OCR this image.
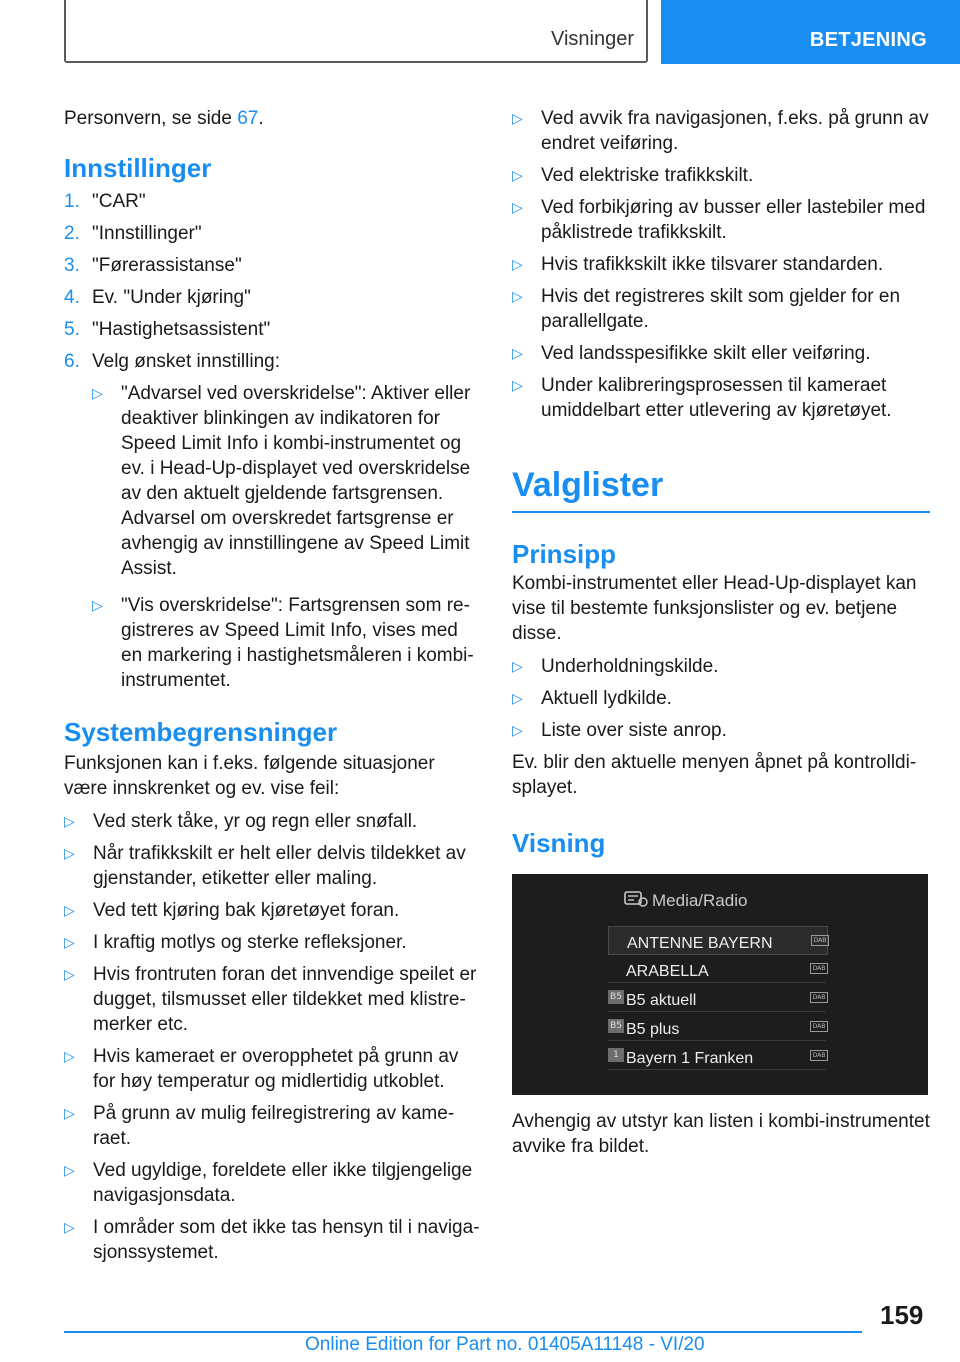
Visninger	BETJENING

Personvern, se side 67.

Innstillinger
1. "CAR"
2. "Innstillinger"
3. "Førerassistanse"
4. Ev. "Under kjøring"
5. "Hastighetsassistent"
6. Velg ønsket innstilling:
▷ "Advarsel ved overskridelse": Aktiver eller deaktiver blinkingen av indikatoren for Speed Limit Info i kombi-instrumentet og ev. i Head-Up-displayet ved overskridelse av den aktuelt gjeldende fartsgrensen. Advarsel om overskredet fartsgrense er avhengig av innstillingene av Speed Limit Assist.
▷ "Vis overskridelse": Fartsgrensen som registreres av Speed Limit Info, vises med en markering i hastighetsmåleren i kombiinstrumentet.
Systembegrensninger

Funksjonen kan i f.eks. følgende situasjoner være innskrenket og ev. vise feil:

▷ Ved sterk tåke, yr og regn eller snøfall.
▷ Når trafikkskilt er helt eller delvis tildekket av gjenstander, etiketter eller maling.
▷ Ved tett kjøring bak kjøretøyet foran.
▷ I kraftig motlys og sterke refleksjoner.
▷ Hvis frontruten foran det innvendige speilet er dugget, tilsmusset eller tildekket med klistremerker etc.
▷ Hvis kameraet er overopphetet på grunn av for høy temperatur og midlertidig utkoblet.
▷ På grunn av mulig feilregistrering av kameraet.
▷ Ved ugyldige, foreldete eller ikke tilgjengelige navigasjonsdata.
▷ I områder som det ikke tas hensyn til i navigasjonssystemet.
▷ Ved avvik fra navigasjonen, f.eks. på grunn av endret veiføring.
▷ Ved elektriske trafikkskilt.
▷ Ved forbikjøring av busser eller lastebiler med påklistrede trafikkskilt.
▷ Hvis trafikkskilt ikke tilsvarer standarden.
▷ Hvis det registreres skilt som gjelder for en parallellgate.
▷ Ved landsspesifikke skilt eller veiføring.
▷ Under kalibreringsprosessen til kameraet umiddelbart etter utlevering av kjøretøyet.
Valglister
Prinsipp

Kombi-instrumentet eller Head-Up-displayet kan vise til bestemte funksjonslister og ev. betjene disse.

▷ Underholdningskilde.
▷ Aktuell lydkilde.
▷ Liste over siste anrop.

Ev. blir den aktuelle menyen åpnet på kontrolldisplayet.

Visning
Media/Radio
ANTENNE BAYERN	DAB
ARABELLA	DAB
B5 B5 aktuell	DAB
B5 B5 plus	DAB
1 Bayern 1 Franken	DAB

Avhengig av utstyr kan listen i kombi-instrumentet avvike fra bildet.

159
Online Edition for Part no. 01405A11148 - VI/20
